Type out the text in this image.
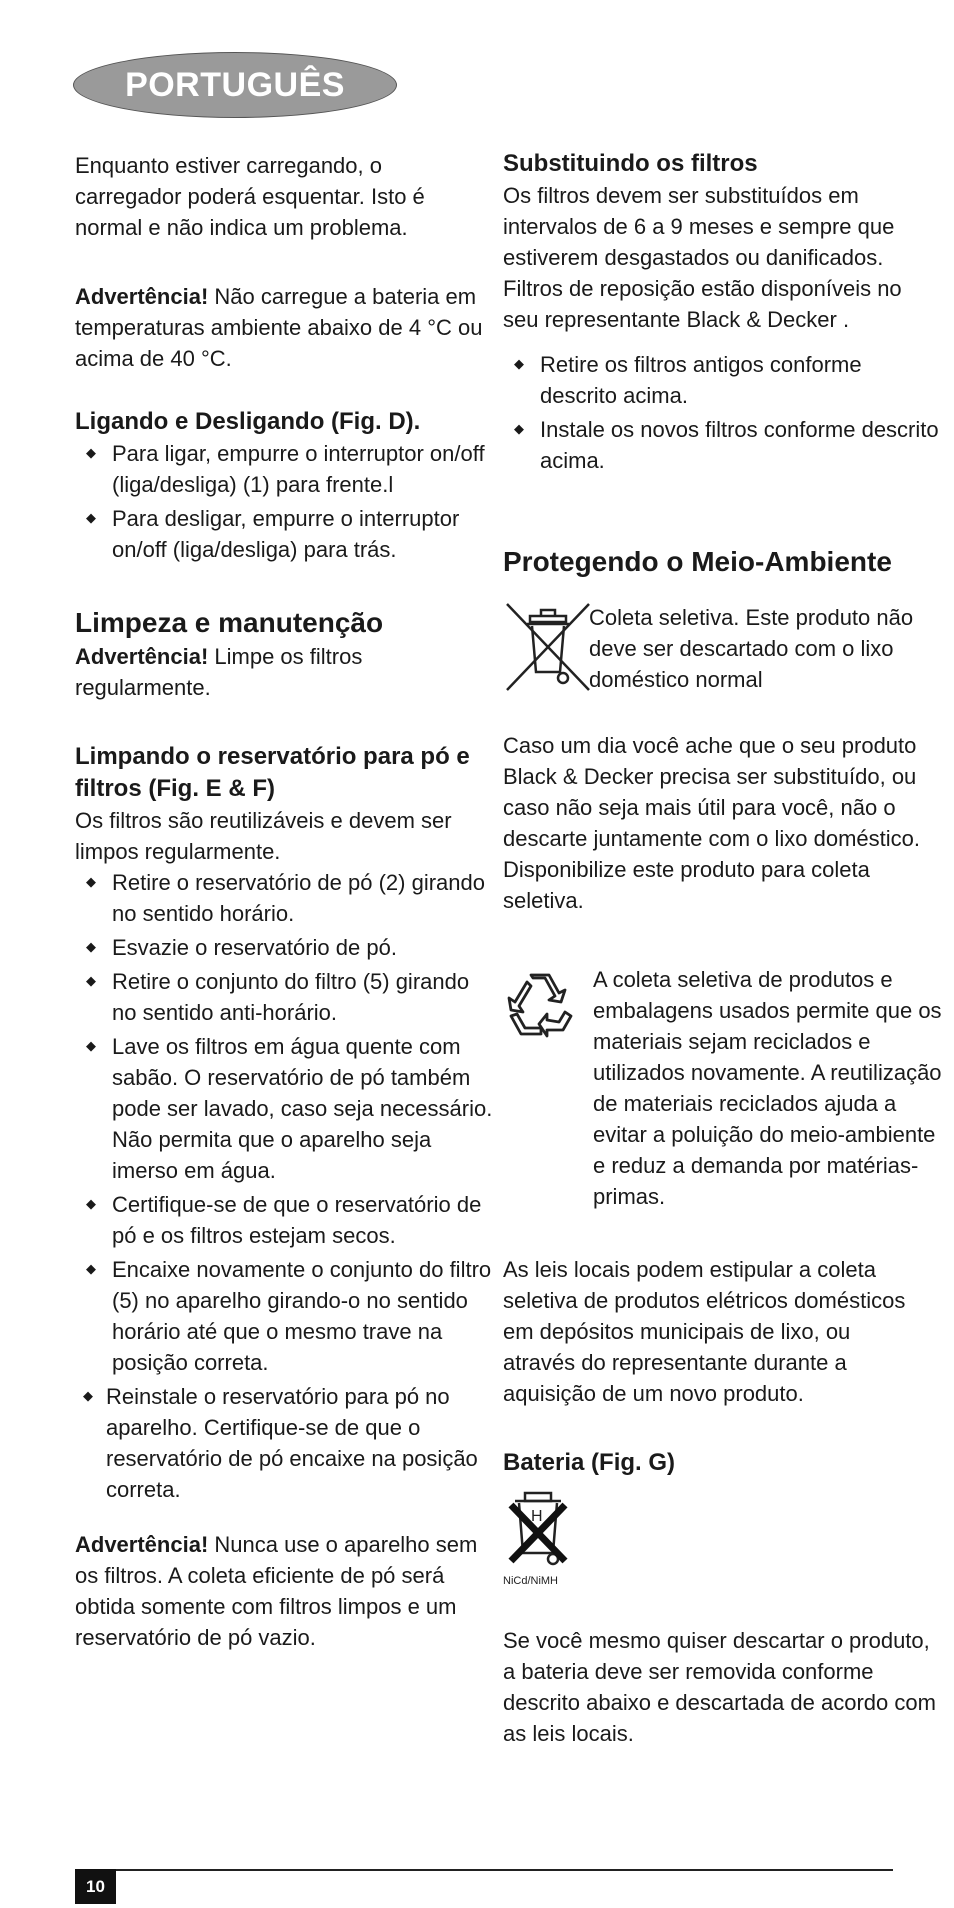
PORTUGUÊS

Enquanto estiver carregando, o carregador poderá esquentar. Isto é normal e não indica um problema.

Advertência! Não carregue a bateria em temperaturas ambiente abaixo de 4 °C ou acima de 40 °C.

Ligando e Desligando (Fig. D).
◆ Para ligar, empurre o interruptor on/off (liga/desliga) (1) para frente.l
◆ Para desligar, empurre o interruptor on/off (liga/desliga) para trás.
Limpeza e manutenção

Advertência! Limpe os filtros regularmente.

Limpando o reservatório para pó e filtros (Fig. E & F)

Os filtros são reutilizáveis e devem ser limpos regularmente.

◆ Retire o reservatório de pó (2) girando no sentido horário.
◆ Esvazie o reservatório de pó.
◆ Retire o conjunto do filtro (5) girando no sentido anti-horário.
◆ Lave os filtros em água quente com sabão. O reservatório de pó também pode ser lavado, caso seja necessário. Não permita que o aparelho seja imerso em água.
◆ Certifique-se de que o reservatório de pó e os filtros estejam secos.
◆ Encaixe novamente o conjunto do filtro (5) no aparelho girando-o no sentido horário até que o mesmo trave na posição correta.
◆ Reinstale o reservatório para pó no aparelho. Certifique-se de que o reservatório de pó encaixe na posição correta.

Advertência! Nunca use o aparelho sem os filtros. A coleta eficiente de pó será obtida somente com filtros limpos e um reservatório de pó vazio.

Substituindo os filtros

Os filtros devem ser substituídos em intervalos de 6 a 9 meses e sempre que estiverem desgastados ou danificados. Filtros de reposição estão disponíveis no seu representante Black & Decker .

◆ Retire os filtros antigos conforme descrito acima.
◆ Instale os novos filtros conforme descrito acima.
Protegendo o Meio-Ambiente

Coleta seletiva. Este produto não deve ser descartado com o lixo doméstico normal

Caso um dia você ache que o seu produto Black & Decker precisa ser substituído, ou caso não seja mais útil para você, não o descarte juntamente com o lixo doméstico. Disponibilize este produto para coleta seletiva.

A coleta seletiva de produtos e embalagens usados permite que os materiais sejam reciclados e utilizados novamente. A reutilização de materiais reciclados ajuda a evitar a poluição do meio-ambiente e reduz a demanda por matérias-primas.

As leis locais podem estipular a coleta seletiva de produtos elétricos domésticos em depósitos municipais de lixo, ou através do representante durante a aquisição de um novo produto.

Bateria (Fig. G)
H
NiCd/NiMH

Se você mesmo quiser descartar o produto, a bateria deve ser removida conforme descrito abaixo e descartada de acordo com as leis locais.

10
